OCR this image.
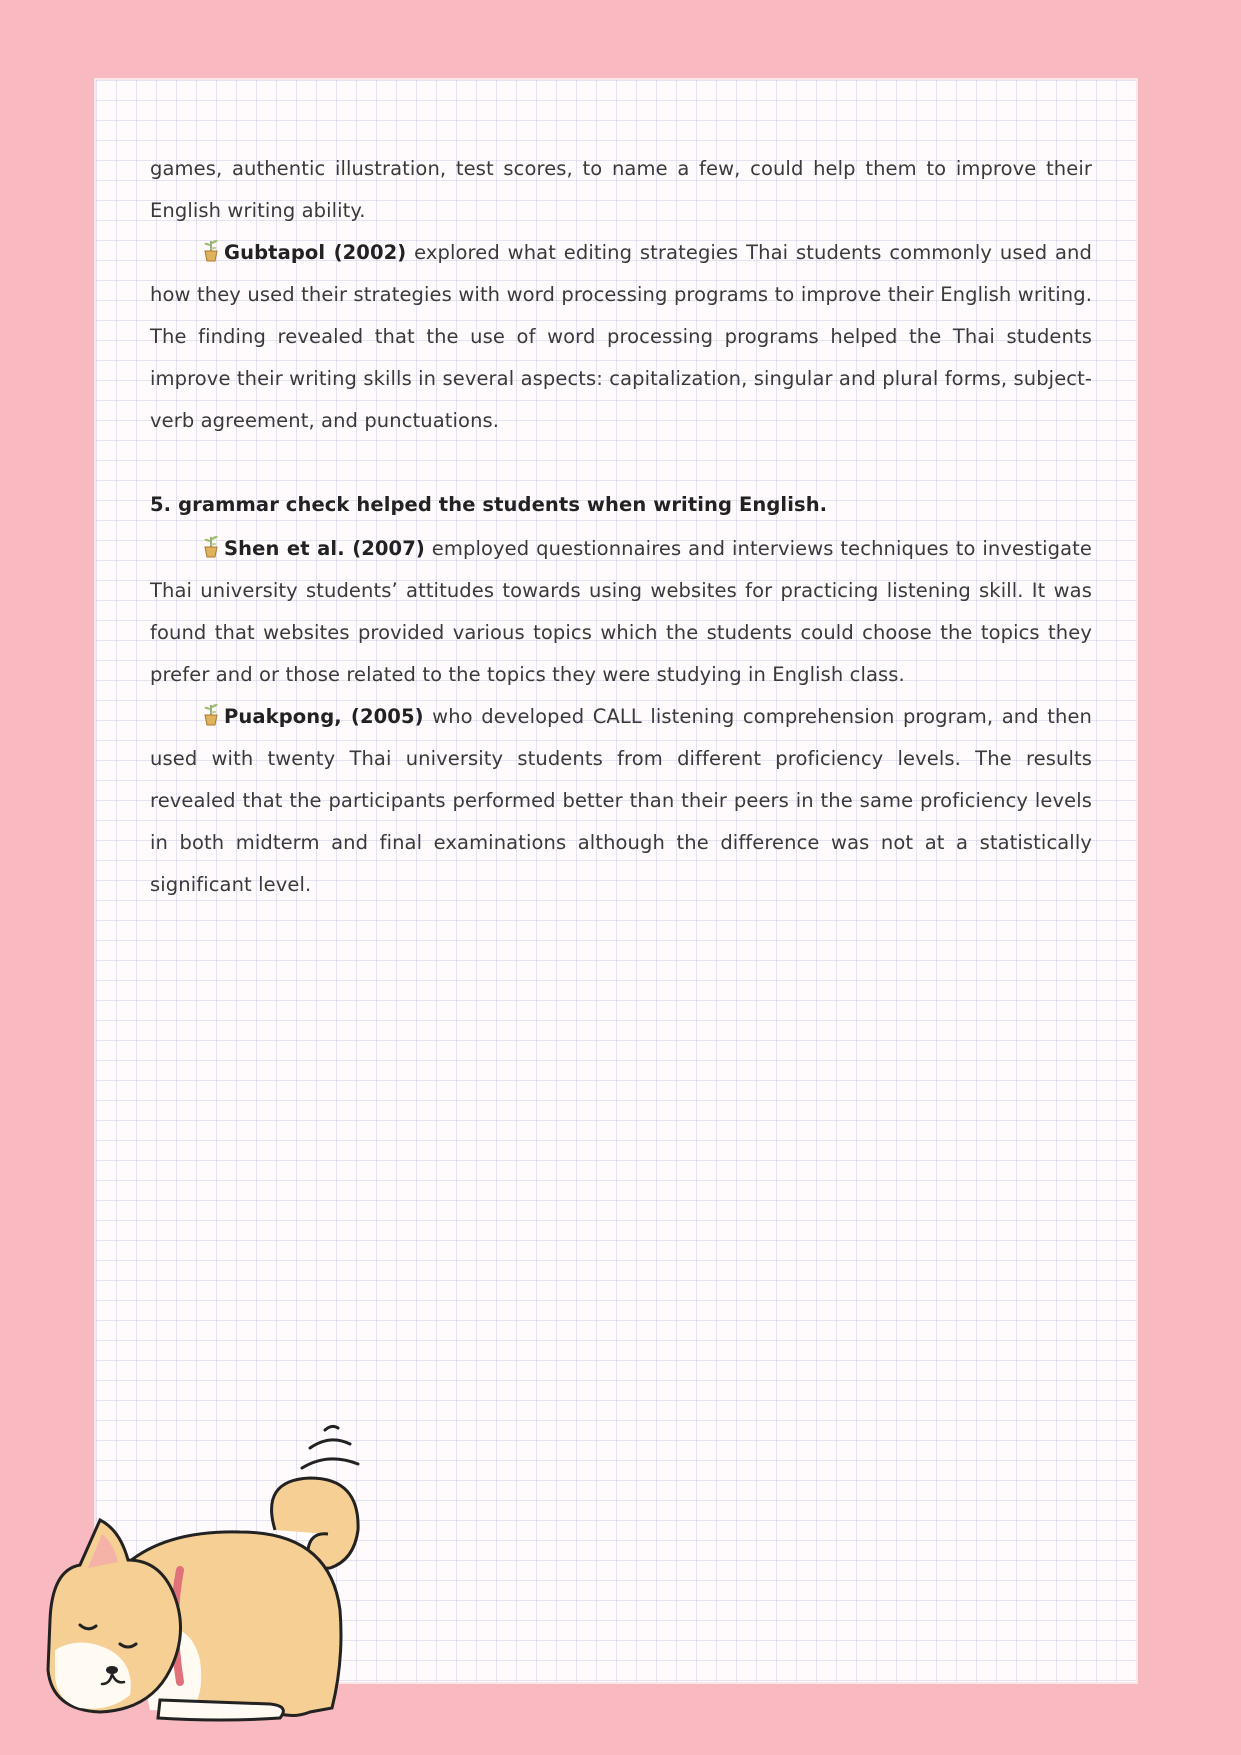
games, authentic illustration, test scores, to name a few, could help them to improve their English writing ability.

Gubtapol (2002) explored what editing strategies Thai students commonly used and how they used their strategies with word processing programs to improve their English writing. The finding revealed that the use of word processing programs helped the Thai students improve their writing skills in several aspects: capitalization, singular and plural forms, subject-verb agreement, and punctuations.

5. grammar check helped the students when writing English.

Shen et al. (2007) employed questionnaires and interviews techniques to investigate Thai university students’ attitudes towards using websites for practicing listening skill. It was found that websites provided various topics which the students could choose the topics they prefer and or those related to the topics they were studying in English class.

Puakpong, (2005) who developed CALL listening comprehension program, and then used with twenty Thai university students from different proficiency levels. The results revealed that the participants performed better than their peers in the same proficiency levels in both midterm and final examinations although the difference was not at a statistically significant level.
